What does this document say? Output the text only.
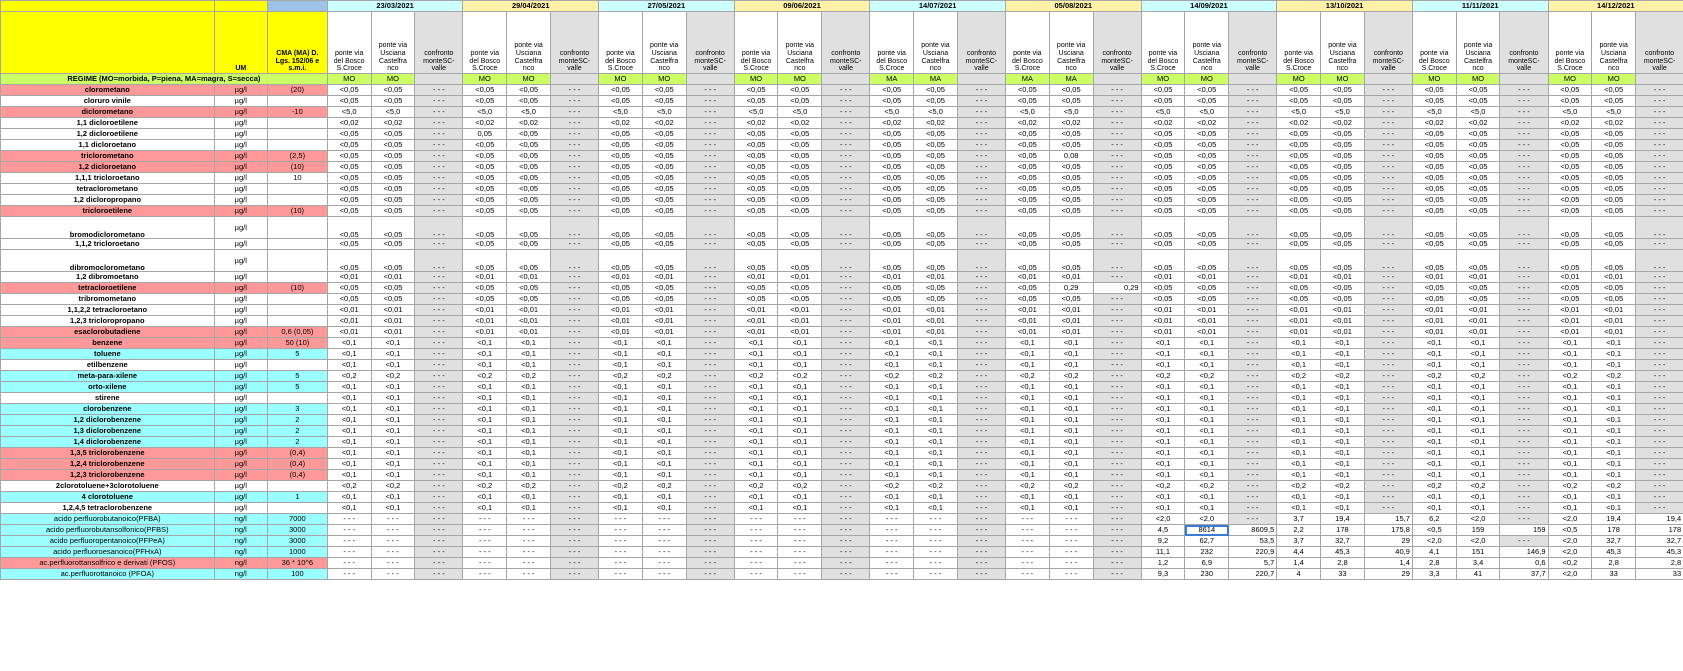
			23/03/2021			29/04/2021			27/05/2021			09/06/2021			14/07/2021			05/08/2021			14/09/2021			13/10/2021			11/11/2021			14/12/2021		
	UM	CMA (MA) D. Lgs. 152/06 e s.m.i.	ponte via del Bosco S.Croce	ponte via Usciana Castelfra nco	confronto monteSC-valle	ponte via del Bosco S.Croce	ponte via Usciana Castelfra nco	confronto monteSC-valle	ponte via del Bosco S.Croce	ponte via Usciana Castelfra nco	confronto monteSC-valle	ponte via del Bosco S.Croce	ponte via Usciana Castelfra nco	confronto monteSC-valle	ponte via del Bosco S.Croce	ponte via Usciana Castelfra nco	confronto monteSC-valle	ponte via del Bosco S.Croce	ponte via Usciana Castelfra nco	confronto monteSC-valle	ponte via del Bosco S.Croce	ponte via Usciana Castelfra nco	confronto monteSC-valle	ponte via del Bosco S.Croce	ponte via Usciana Castelfra nco	confronto monteSC-valle	ponte via del Bosco S.Croce	ponte via Usciana Castelfra nco	confronto monteSC-valle	ponte via del Bosco S.Croce	ponte via Usciana Castelfra nco	confronto monteSC-valle
REGIME (MO=morbida, P=piena, MA=magra, S=secca)			MO	MO		MO	MO		MO	MO		MO	MO		MA	MA		MA	MA		MO	MO		MO	MO		MO	MO		MO	MO	
clorometano	µg/l	(20)	<0,05	<0,05	- - -	<0,05	<0,05	- - -	<0,05	<0,05	- - -	<0,05	<0,05	- - -	<0,05	<0,05	- - -	<0,05	<0,05	- - -	<0,05	<0,05	- - -	<0,05	<0,05	- - -	<0,05	<0,05	- - -	<0,05	<0,05	- - -
cloruro vinile	µg/l		<0,05	<0,05	- - -	<0,05	<0,05	- - -	<0,05	<0,05	- - -	<0,05	<0,05	- - -	<0,05	<0,05	- - -	<0,05	<0,05	- - -	<0,05	<0,05	- - -	<0,05	<0,05	- - -	<0,05	<0,05	- - -	<0,05	<0,05	- - -
diclorometano	µg/l	-10	<5,0	<5,0	- - -	<5,0	<5,0	- - -	<5,0	<5,0	- - -	<5,0	<5,0	- - -	<5,0	<5,0	- - -	<5,0	<5,0	- - -	<5,0	<5,0	- - -	<5,0	<5,0	- - -	<5,0	<5,0	- - -	<5,0	<5,0	- - -
1,1 dicloroetilene	µg/l		<0,02	<0,02	- - -	<0,02	<0,02	- - -	<0,02	<0,02	- - -	<0,02	<0,02	- - -	<0,02	<0,02	- - -	<0,02	<0,02	- - -	<0,02	<0,02	- - -	<0,02	<0,02	- - -	<0,02	<0,02	- - -	<0,02	<0,02	- - -
1,2 dicloroetilene	µg/l		<0,05	<0,05	- - -	0,05	<0,05	- - -	<0,05	<0,05	- - -	<0,05	<0,05	- - -	<0,05	<0,05	- - -	<0,05	<0,05	- - -	<0,05	<0,05	- - -	<0,05	<0,05	- - -	<0,05	<0,05	- - -	<0,05	<0,05	- - -
1,1 dicloroetano	µg/l		<0,05	<0,05	- - -	<0,05	<0,05	- - -	<0,05	<0,05	- - -	<0,05	<0,05	- - -	<0,05	<0,05	- - -	<0,05	<0,05	- - -	<0,05	<0,05	- - -	<0,05	<0,05	- - -	<0,05	<0,05	- - -	<0,05	<0,05	- - -
triclorometano	µg/l	(2,5)	<0,05	<0,05	- - -	<0,05	<0,05	- - -	<0,05	<0,05	- - -	<0,05	<0,05	- - -	<0,05	<0,05	- - -	<0,05	0,08	- - -	<0,05	<0,05	- - -	<0,05	<0,05	- - -	<0,05	<0,05	- - -	<0,05	<0,05	- - -
1,2 dicloroetano	µg/l	(10)	<0,05	<0,05	- - -	<0,05	<0,05	- - -	<0,05	<0,05	- - -	<0,05	<0,05	- - -	<0,05	<0,05	- - -	<0,05	<0,05	- - -	<0,05	<0,05	- - -	<0,05	<0,05	- - -	<0,05	<0,05	- - -	<0,05	<0,05	- - -
1,1,1 tricloroetano	µg/l	10	<0,05	<0,05	- - -	<0,05	<0,05	- - -	<0,05	<0,05	- - -	<0,05	<0,05	- - -	<0,05	<0,05	- - -	<0,05	<0,05	- - -	<0,05	<0,05	- - -	<0,05	<0,05	- - -	<0,05	<0,05	- - -	<0,05	<0,05	- - -
tetraclorometano	µg/l		<0,05	<0,05	- - -	<0,05	<0,05	- - -	<0,05	<0,05	- - -	<0,05	<0,05	- - -	<0,05	<0,05	- - -	<0,05	<0,05	- - -	<0,05	<0,05	- - -	<0,05	<0,05	- - -	<0,05	<0,05	- - -	<0,05	<0,05	- - -
1,2 dicloropropano	µg/l		<0,05	<0,05	- - -	<0,05	<0,05	- - -	<0,05	<0,05	- - -	<0,05	<0,05	- - -	<0,05	<0,05	- - -	<0,05	<0,05	- - -	<0,05	<0,05	- - -	<0,05	<0,05	- - -	<0,05	<0,05	- - -	<0,05	<0,05	- - -
tricloroetilene	µg/l	(10)	<0,05	<0,05	- - -	<0,05	<0,05	- - -	<0,05	<0,05	- - -	<0,05	<0,05	- - -	<0,05	<0,05	- - -	<0,05	<0,05	- - -	<0,05	<0,05	- - -	<0,05	<0,05	- - -	<0,05	<0,05	- - -	<0,05	<0,05	- - -
bromodiclorometano	µg/l		<0,05	<0,05	- - -	<0,05	<0,05	- - -	<0,05	<0,05	- - -	<0,05	<0,05	- - -	<0,05	<0,05	- - -	<0,05	<0,05	- - -	<0,05	<0,05	- - -	<0,05	<0,05	- - -	<0,05	<0,05	- - -	<0,05	<0,05	- - -
1,1,2 tricloroetano	µg/l		<0,05	<0,05	- - -	<0,05	<0,05	- - -	<0,05	<0,05	- - -	<0,05	<0,05	- - -	<0,05	<0,05	- - -	<0,05	<0,05	- - -	<0,05	<0,05	- - -	<0,05	<0,05	- - -	<0,05	<0,05	- - -	<0,05	<0,05	- - -
dibromoclorometano	µg/l		<0,05	<0,05	- - -	<0,05	<0,05	- - -	<0,05	<0,05	- - -	<0,05	<0,05	- - -	<0,05	<0,05	- - -	<0,05	<0,05	- - -	<0,05	<0,05	- - -	<0,05	<0,05	- - -	<0,05	<0,05	- - -	<0,05	<0,05	- - -
1,2 dibromoetano	µg/l		<0,01	<0,01	- - -	<0,01	<0,01	- - -	<0,01	<0,01	- - -	<0,01	<0,01	- - -	<0,01	<0,01	- - -	<0,01	<0,01	- - -	<0,01	<0,01	- - -	<0,01	<0,01	- - -	<0,01	<0,01	- - -	<0,01	<0,01	- - -
tetracloroetilene	µg/l	(10)	<0,05	<0,05	- - -	<0,05	<0,05	- - -	<0,05	<0,05	- - -	<0,05	<0,05	- - -	<0,05	<0,05	- - -	<0,05	0,29	0,29	<0,05	<0,05	- - -	<0,05	<0,05	- - -	<0,05	<0,05	- - -	<0,05	<0,05	- - -
tribromometano	µg/l		<0,05	<0,05	- - -	<0,05	<0,05	- - -	<0,05	<0,05	- - -	<0,05	<0,05	- - -	<0,05	<0,05	- - -	<0,05	<0,05	- - -	<0,05	<0,05	- - -	<0,05	<0,05	- - -	<0,05	<0,05	- - -	<0,05	<0,05	- - -
1,1,2,2 tetracloroetano	µg/l		<0,01	<0,01	- - -	<0,01	<0,01	- - -	<0,01	<0,01	- - -	<0,01	<0,01	- - -	<0,01	<0,01	- - -	<0,01	<0,01	- - -	<0,01	<0,01	- - -	<0,01	<0,01	- - -	<0,01	<0,01	- - -	<0,01	<0,01	- - -
1,2,3 tricloropropano	µg/l		<0,01	<0,01	- - -	<0,01	<0,01	- - -	<0,01	<0,01	- - -	<0,01	<0,01	- - -	<0,01	<0,01	- - -	<0,01	<0,01	- - -	<0,01	<0,01	- - -	<0,01	<0,01	- - -	<0,01	<0,01	- - -	<0,01	<0,01	- - -
esaclorobutadiene	µg/l	0,6 (0,05)	<0,01	<0,01	- - -	<0,01	<0,01	- - -	<0,01	<0,01	- - -	<0,01	<0,01	- - -	<0,01	<0,01	- - -	<0,01	<0,01	- - -	<0,01	<0,01	- - -	<0,01	<0,01	- - -	<0,01	<0,01	- - -	<0,01	<0,01	- - -
benzene	µg/l	50 (10)	<0,1	<0,1	- - -	<0,1	<0,1	- - -	<0,1	<0,1	- - -	<0,1	<0,1	- - -	<0,1	<0,1	- - -	<0,1	<0,1	- - -	<0,1	<0,1	- - -	<0,1	<0,1	- - -	<0,1	<0,1	- - -	<0,1	<0,1	- - -
toluene	µg/l	5	<0,1	<0,1	- - -	<0,1	<0,1	- - -	<0,1	<0,1	- - -	<0,1	<0,1	- - -	<0,1	<0,1	- - -	<0,1	<0,1	- - -	<0,1	<0,1	- - -	<0,1	<0,1	- - -	<0,1	<0,1	- - -	<0,1	<0,1	- - -
etilbenzene	µg/l		<0,1	<0,1	- - -	<0,1	<0,1	- - -	<0,1	<0,1	- - -	<0,1	<0,1	- - -	<0,1	<0,1	- - -	<0,1	<0,1	- - -	<0,1	<0,1	- - -	<0,1	<0,1	- - -	<0,1	<0,1	- - -	<0,1	<0,1	- - -
meta-para-xilene	µg/l	5	<0,2	<0,2	- - -	<0,2	<0,2	- - -	<0,2	<0,2	- - -	<0,2	<0,2	- - -	<0,2	<0,2	- - -	<0,2	<0,2	- - -	<0,2	<0,2	- - -	<0,2	<0,2	- - -	<0,2	<0,2	- - -	<0,2	<0,2	- - -
orto-xilene	µg/l	5	<0,1	<0,1	- - -	<0,1	<0,1	- - -	<0,1	<0,1	- - -	<0,1	<0,1	- - -	<0,1	<0,1	- - -	<0,1	<0,1	- - -	<0,1	<0,1	- - -	<0,1	<0,1	- - -	<0,1	<0,1	- - -	<0,1	<0,1	- - -
stirene	µg/l		<0,1	<0,1	- - -	<0,1	<0,1	- - -	<0,1	<0,1	- - -	<0,1	<0,1	- - -	<0,1	<0,1	- - -	<0,1	<0,1	- - -	<0,1	<0,1	- - -	<0,1	<0,1	- - -	<0,1	<0,1	- - -	<0,1	<0,1	- - -
clorobenzene	µg/l	3	<0,1	<0,1	- - -	<0,1	<0,1	- - -	<0,1	<0,1	- - -	<0,1	<0,1	- - -	<0,1	<0,1	- - -	<0,1	<0,1	- - -	<0,1	<0,1	- - -	<0,1	<0,1	- - -	<0,1	<0,1	- - -	<0,1	<0,1	- - -
1,2 diclorobenzene	µg/l	2	<0,1	<0,1	- - -	<0,1	<0,1	- - -	<0,1	<0,1	- - -	<0,1	<0,1	- - -	<0,1	<0,1	- - -	<0,1	<0,1	- - -	<0,1	<0,1	- - -	<0,1	<0,1	- - -	<0,1	<0,1	- - -	<0,1	<0,1	- - -
1,3 diclorobenzene	µg/l	2	<0,1	<0,1	- - -	<0,1	<0,1	- - -	<0,1	<0,1	- - -	<0,1	<0,1	- - -	<0,1	<0,1	- - -	<0,1	<0,1	- - -	<0,1	<0,1	- - -	<0,1	<0,1	- - -	<0,1	<0,1	- - -	<0,1	<0,1	- - -
1,4 diclorobenzene	µg/l	2	<0,1	<0,1	- - -	<0,1	<0,1	- - -	<0,1	<0,1	- - -	<0,1	<0,1	- - -	<0,1	<0,1	- - -	<0,1	<0,1	- - -	<0,1	<0,1	- - -	<0,1	<0,1	- - -	<0,1	<0,1	- - -	<0,1	<0,1	- - -
1,3,5 triclorobenzene	µg/l	(0,4)	<0,1	<0,1	- - -	<0,1	<0,1	- - -	<0,1	<0,1	- - -	<0,1	<0,1	- - -	<0,1	<0,1	- - -	<0,1	<0,1	- - -	<0,1	<0,1	- - -	<0,1	<0,1	- - -	<0,1	<0,1	- - -	<0,1	<0,1	- - -
1,2,4 triclorobenzene	µg/l	(0,4)	<0,1	<0,1	- - -	<0,1	<0,1	- - -	<0,1	<0,1	- - -	<0,1	<0,1	- - -	<0,1	<0,1	- - -	<0,1	<0,1	- - -	<0,1	<0,1	- - -	<0,1	<0,1	- - -	<0,1	<0,1	- - -	<0,1	<0,1	- - -
1,2,3 triclorobenzene	µg/l	(0,4)	<0,1	<0,1	- - -	<0,1	<0,1	- - -	<0,1	<0,1	- - -	<0,1	<0,1	- - -	<0,1	<0,1	- - -	<0,1	<0,1	- - -	<0,1	<0,1	- - -	<0,1	<0,1	- - -	<0,1	<0,1	- - -	<0,1	<0,1	- - -
2clorotoluene+3clorotoluene	µg/l		<0,2	<0,2	- - -	<0,2	<0,2	- - -	<0,2	<0,2	- - -	<0,2	<0,2	- - -	<0,2	<0,2	- - -	<0,2	<0,2	- - -	<0,2	<0,2	- - -	<0,2	<0,2	- - -	<0,2	<0,2	- - -	<0,2	<0,2	- - -
4 clorotoluene	µg/l	1	<0,1	<0,1	- - -	<0,1	<0,1	- - -	<0,1	<0,1	- - -	<0,1	<0,1	- - -	<0,1	<0,1	- - -	<0,1	<0,1	- - -	<0,1	<0,1	- - -	<0,1	<0,1	- - -	<0,1	<0,1	- - -	<0,1	<0,1	- - -
1,2,4,5 tetraclorobenzene	µg/l		<0,1	<0,1	- - -	<0,1	<0,1	- - -	<0,1	<0,1	- - -	<0,1	<0,1	- - -	<0,1	<0,1	- - -	<0,1	<0,1	- - -	<0,1	<0,1	- - -	<0,1	<0,1	- - -	<0,1	<0,1	- - -	<0,1	<0,1	- - -
acido perfluorobutanoico(PFBA)	ng/l	7000	- - -	- - -	- - -	- - -	- - -	- - -	- - -	- - -	- - -	- - -	- - -	- - -	- - -	- - -	- - -	- - -	- - -	- - -	<2,0	<2,0	- - -	3,7	19,4	15,7	6,2	<2,0	- - -	<2,0	19,4	19,4
acido perfluorobutansolfonico(PFBS)	ng/l	3000	- - -	- - -	- - -	- - -	- - -	- - -	- - -	- - -	- - -	- - -	- - -	- - -	- - -	- - -	- - -	- - -	- - -	- - -	4,5	8614	8609,5	2,2	178	175,8	<0,5	159	159	<0,5	178	178
acido perfluoropentanoico(PFPeA)	ng/l	3000	- - -	- - -	- - -	- - -	- - -	- - -	- - -	- - -	- - -	- - -	- - -	- - -	- - -	- - -	- - -	- - -	- - -	- - -	9,2	62,7	53,5	3,7	32,7	29	<2,0	<2,0	- - -	<2,0	32,7	32,7
acido perfluoroesanoico(PFHxA)	ng/l	1000	- - -	- - -	- - -	- - -	- - -	- - -	- - -	- - -	- - -	- - -	- - -	- - -	- - -	- - -	- - -	- - -	- - -	- - -	11,1	232	220,9	4,4	45,3	40,9	4,1	151	146,9	<2,0	45,3	45,3
ac.perfluorottansolfrico e derivati (PFOS)	ng/l	36 * 10^6	- - -	- - -	- - -	- - -	- - -	- - -	- - -	- - -	- - -	- - -	- - -	- - -	- - -	- - -	- - -	- - -	- - -	- - -	1,2	6,9	5,7	1,4	2,8	1,4	2,8	3,4	0,6	<0,2	2,8	2,8
ac.perfluorottanoico (PFOA)	ng/l	100	- - -	- - -	- - -	- - -	- - -	- - -	- - -	- - -	- - -	- - -	- - -	- - -	- - -	- - -	- - -	- - -	- - -	- - -	9,3	230	220,7	4	33	29	3,3	41	37,7	<2,0	33	33
